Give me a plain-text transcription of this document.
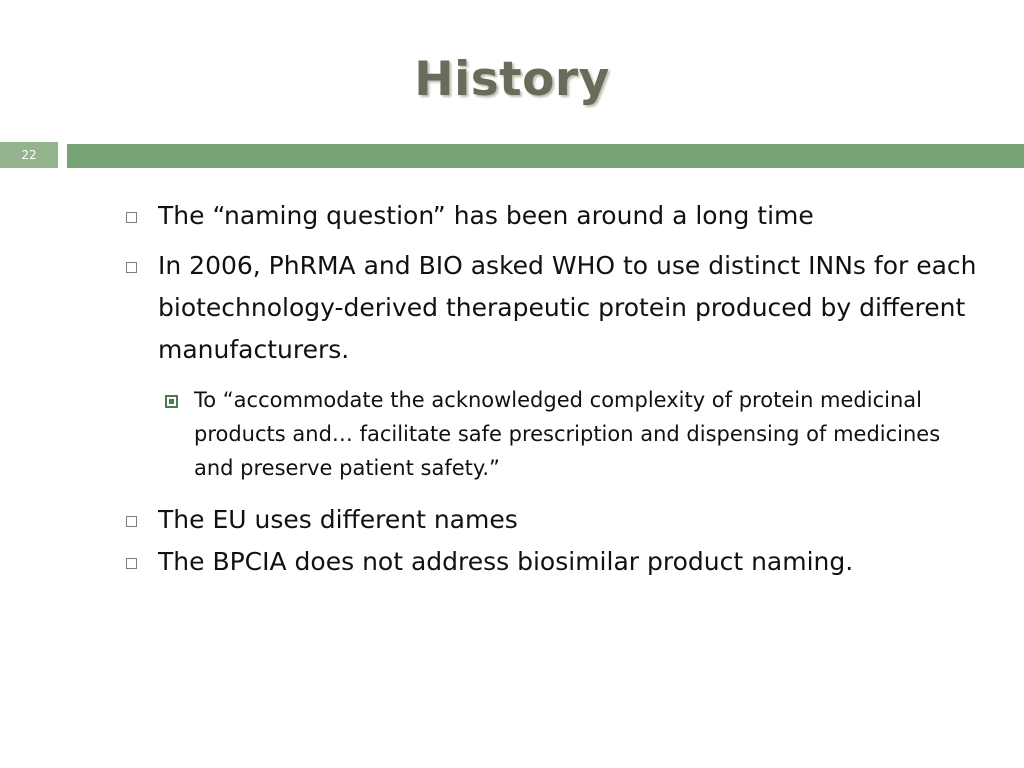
History
22
The “naming question” has been around a long time
In 2006, PhRMA and BIO asked WHO to use distinct INNs for each biotechnology-derived therapeutic protein produced by different manufacturers.
To “accommodate the acknowledged complexity of protein medicinal products and… facilitate safe prescription and dispensing of medicines and preserve patient safety.”
The EU uses different names
The BPCIA does not address biosimilar product naming.
